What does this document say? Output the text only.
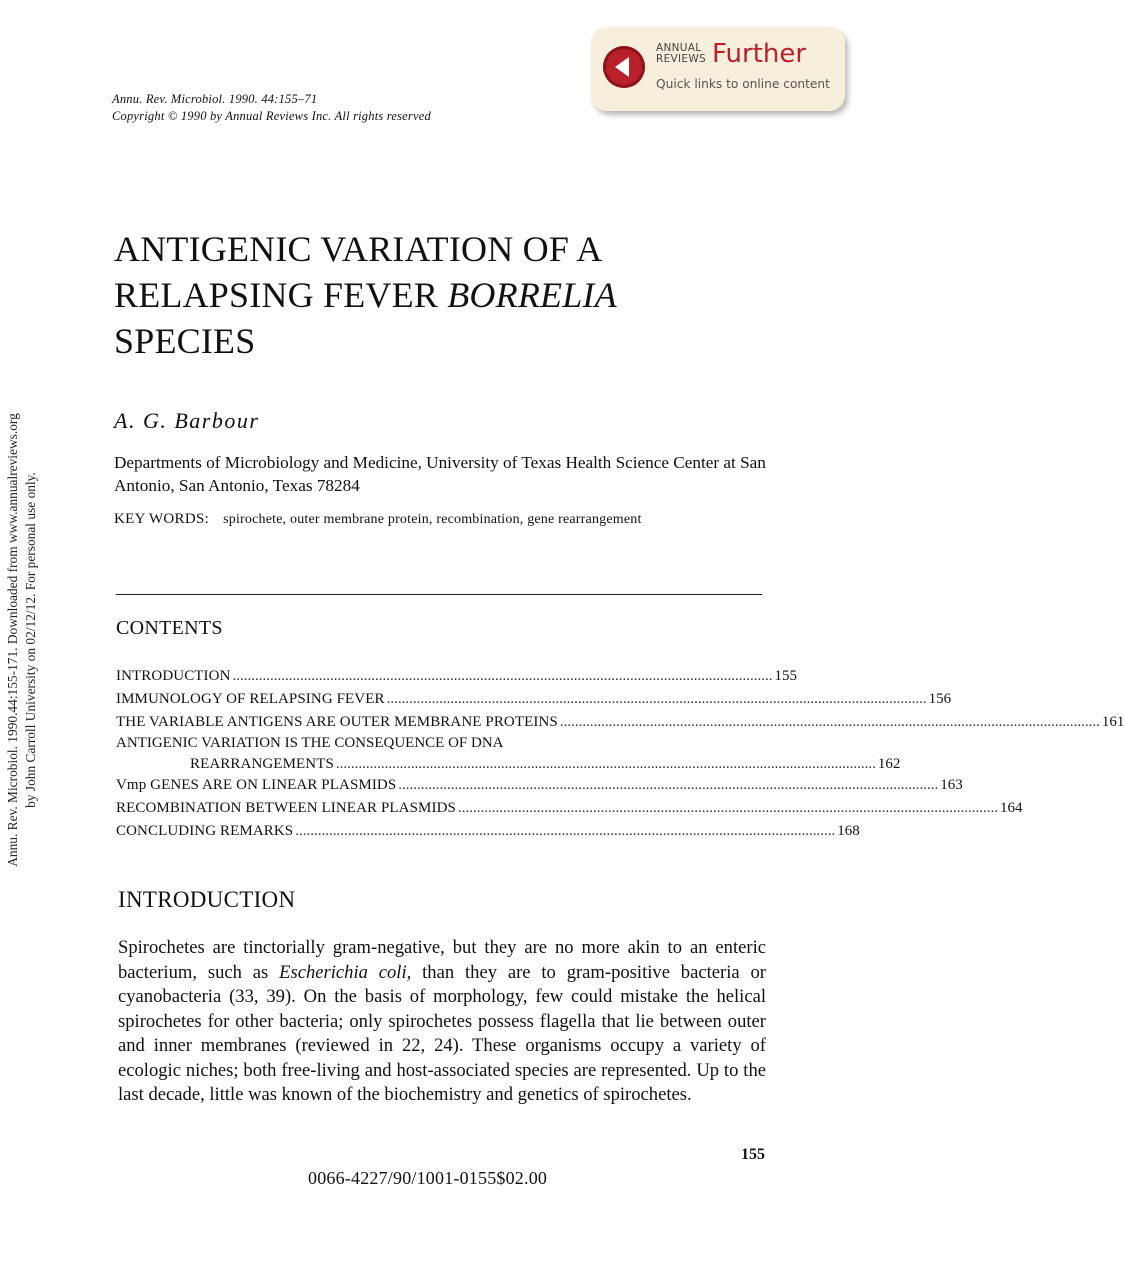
Annu. Rev. Microbiol. 1990. 44:155–71
Copyright © 1990 by Annual Reviews Inc. All rights reserved
ANNUAL
REVIEWS Further
Quick links to online content
Annu. Rev. Microbiol. 1990.44:155-171. Downloaded from www.annualreviews.org by John Carroll University on 02/12/12. For personal use only.
ANTIGENIC VARIATION OF A
RELAPSING FEVER BORRELIA
SPECIES
A. G. Barbour
Departments of Microbiology and Medicine, University of Texas Health Science Center at San Antonio, San Antonio, Texas 78284
KEY WORDS: spirochete, outer membrane protein, recombination, gene rearrangement
CONTENTS
INTRODUCTION ................................................................................................................................................ 155
IMMUNOLOGY OF RELAPSING FEVER ................................................................................................................................................ 156
THE VARIABLE ANTIGENS ARE OUTER MEMBRANE PROTEINS ................................................................................................................................................ 161
ANTIGENIC VARIATION IS THE CONSEQUENCE OF DNA
REARRANGEMENTS ................................................................................................................................................ 162
Vmp GENES ARE ON LINEAR PLASMIDS ................................................................................................................................................ 163
RECOMBINATION BETWEEN LINEAR PLASMIDS ................................................................................................................................................ 164
CONCLUDING REMARKS ................................................................................................................................................ 168
INTRODUCTION
Spirochetes are tinctorially gram-negative, but they are no more akin to an enteric bacterium, such as Escherichia coli, than they are to gram-positive bacteria or cyanobacteria (33, 39). On the basis of morphology, few could mistake the helical spirochetes for other bacteria; only spirochetes possess flagella that lie between outer and inner membranes (reviewed in 22, 24). These organisms occupy a variety of ecologic niches; both free-living and host-associated species are represented. Up to the last decade, little was known of the biochemistry and genetics of spirochetes.
155
0066-4227/90/1001-0155$02.00
